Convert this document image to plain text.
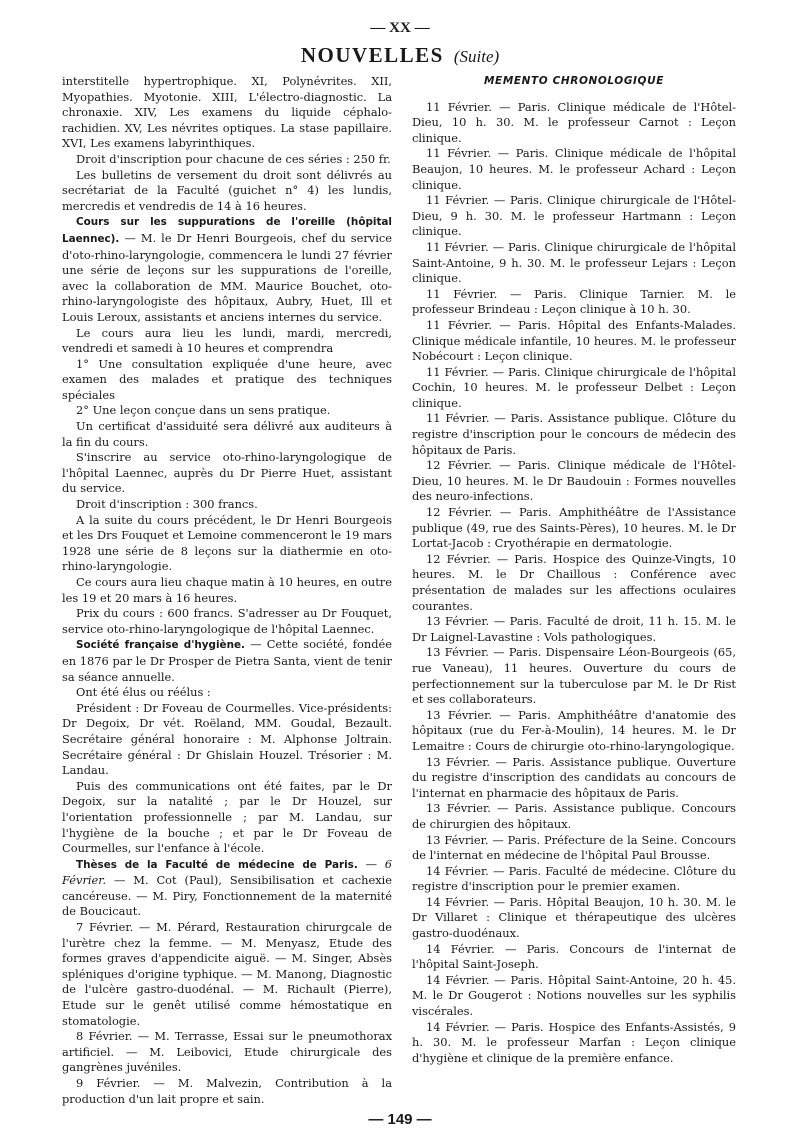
— XX —
NOUVELLES (Suite)

interstitelle hypertrophique. XI, Polynévrites. XII, Myopathies. Myotonie. XIII, L'électro-diagnostic. La chronaxie. XIV, Les examens du liquide céphalo-rachidien. XV, Les névrites optiques. La stase papillaire. XVI, Les examens labyrinthiques.

Droit d'inscription pour chacune de ces séries : 250 fr.

Les bulletins de versement du droit sont délivrés au secrétariat de la Faculté (guichet n° 4) les lundis, mercredis et vendredis de 14 à 16 heures.

Cours sur les suppurations de l'oreille (hôpital Laennec). — M. le Dr Henri Bourgeois, chef du service d'oto-rhino-laryngologie, commencera le lundi 27 février une série de leçons sur les suppurations de l'oreille, avec la collaboration de MM. Maurice Bouchet, oto-rhino-laryngologiste des hôpitaux, Aubry, Huet, Ill et Louis Leroux, assistants et anciens internes du service.

Le cours aura lieu les lundi, mardi, mercredi, vendredi et samedi à 10 heures et comprendra

1° Une consultation expliquée d'une heure, avec examen des malades et pratique des techniques spéciales

2° Une leçon conçue dans un sens pratique.

Un certificat d'assiduité sera délivré aux auditeurs à la fin du cours.

S'inscrire au service oto-rhino-laryngologique de l'hôpital Laennec, auprès du Dr Pierre Huet, assistant du service.

Droit d'inscription : 300 francs.

A la suite du cours précédent, le Dr Henri Bourgeois et les Drs Fouquet et Lemoine commenceront le 19 mars 1928 une série de 8 leçons sur la diathermie en oto-rhino-laryngologie.

Ce cours aura lieu chaque matin à 10 heures, en outre les 19 et 20 mars à 16 heures.

Prix du cours : 600 francs. S'adresser au Dr Fouquet, service oto-rhino-laryngologique de l'hôpital Laennec.

Société française d'hygiène. — Cette société, fondée en 1876 par le Dr Prosper de Pietra Santa, vient de tenir sa séance annuelle.

Ont été élus ou réélus :

Président : Dr Foveau de Courmelles. Vice-présidents: Dr Degoix, Dr vét. Roëland, MM. Goudal, Bezault. Secrétaire général honoraire : M. Alphonse Joltrain. Secrétaire général : Dr Ghislain Houzel. Trésorier : M. Landau.

Puis des communications ont été faites, par le Dr Degoix, sur la natalité ; par le Dr Houzel, sur l'orientation professionnelle ; par M. Landau, sur l'hygiène de la bouche ; et par le Dr Foveau de Courmelles, sur l'enfance à l'école.

Thèses de la Faculté de médecine de Paris. — 6 Février. — M. Cot (Paul), Sensibilisation et cachexie cancéreuse. — M. Piry, Fonctionnement de la maternité de Boucicaut.

7 Février. — M. Pérard, Restauration chirurgcale de l'urètre chez la femme. — M. Menyasz, Etude des formes graves d'appendicite aiguë. — M. Singer, Absès spléniques d'origine typhique. — M. Manong, Diagnostic de l'ulcère gastro-duodénal. — M. Richault (Pierre), Etude sur le genêt utilisé comme hémostatique en stomatologie.

8 Février. — M. Terrasse, Essai sur le pneumothorax artificiel. — M. Leibovici, Etude chirurgicale des gangrènes juvéniles.

9 Février. — M. Malvezin, Contribution à la production d'un lait propre et sain.

MEMENTO CHRONOLOGIQUE

11 Février. — Paris. Clinique médicale de l'Hôtel-Dieu, 10 h. 30. M. le professeur Carnot : Leçon clinique.

11 Février. — Paris. Clinique médicale de l'hôpital Beaujon, 10 heures. M. le professeur Achard : Leçon clinique.

11 Février. — Paris. Clinique chirurgicale de l'Hôtel-Dieu, 9 h. 30. M. le professeur Hartmann : Leçon clinique.

11 Février. — Paris. Clinique chirurgicale de l'hôpital Saint-Antoine, 9 h. 30. M. le professeur Lejars : Leçon clinique.

11 Février. — Paris. Clinique Tarnier. M. le professeur Brindeau : Leçon clinique à 10 h. 30.

11 Février. — Paris. Hôpital des Enfants-Malades. Clinique médicale infantile, 10 heures. M. le professeur Nobécourt : Leçon clinique.

11 Février. — Paris. Clinique chirurgicale de l'hôpital Cochin, 10 heures. M. le professeur Delbet : Leçon clinique.

11 Février. — Paris. Assistance publique. Clôture du registre d'inscription pour le concours de médecin des hôpitaux de Paris.

12 Février. — Paris. Clinique médicale de l'Hôtel-Dieu, 10 heures. M. le Dr Baudouin : Formes nouvelles des neuro-infections.

12 Février. — Paris. Amphithéâtre de l'Assistance publique (49, rue des Saints-Pères), 10 heures. M. le Dr Lortat-Jacob : Cryothérapie en dermatologie.

12 Février. — Paris. Hospice des Quinze-Vingts, 10 heures. M. le Dr Chaillous : Conférence avec présentation de malades sur les affections oculaires courantes.

13 Février. — Paris. Faculté de droit, 11 h. 15. M. le Dr Laignel-Lavastine : Vols pathologiques.

13 Février. — Paris. Dispensaire Léon-Bourgeois (65, rue Vaneau), 11 heures. Ouverture du cours de perfectionnement sur la tuberculose par M. le Dr Rist et ses collaborateurs.

13 Février. — Paris. Amphithéâtre d'anatomie des hôpitaux (rue du Fer-à-Moulin), 14 heures. M. le Dr Lemaitre : Cours de chirurgie oto-rhino-laryngologique.

13 Février. — Paris. Assistance publique. Ouverture du registre d'inscription des candidats au concours de l'internat en pharmacie des hôpitaux de Paris.

13 Février. — Paris. Assistance publique. Concours de chirurgien des hôpitaux.

13 Février. — Paris. Préfecture de la Seine. Concours de l'internat en médecine de l'hôpital Paul Brousse.

14 Février. — Paris. Faculté de médecine. Clôture du registre d'inscription pour le premier examen.

14 Février. — Paris. Hôpital Beaujon, 10 h. 30. M. le Dr Villaret : Clinique et thérapeutique des ulcères gastro-duodénaux.

14 Février. — Paris. Concours de l'internat de l'hôpital Saint-Joseph.

14 Février. — Paris. Hôpital Saint-Antoine, 20 h. 45. M. le Dr Gougerot : Notions nouvelles sur les syphilis viscérales.

14 Février. — Paris. Hospice des Enfants-Assistés, 9 h. 30. M. le professeur Marfan : Leçon clinique d'hygiène et clinique de la première enfance.

— 149 —
